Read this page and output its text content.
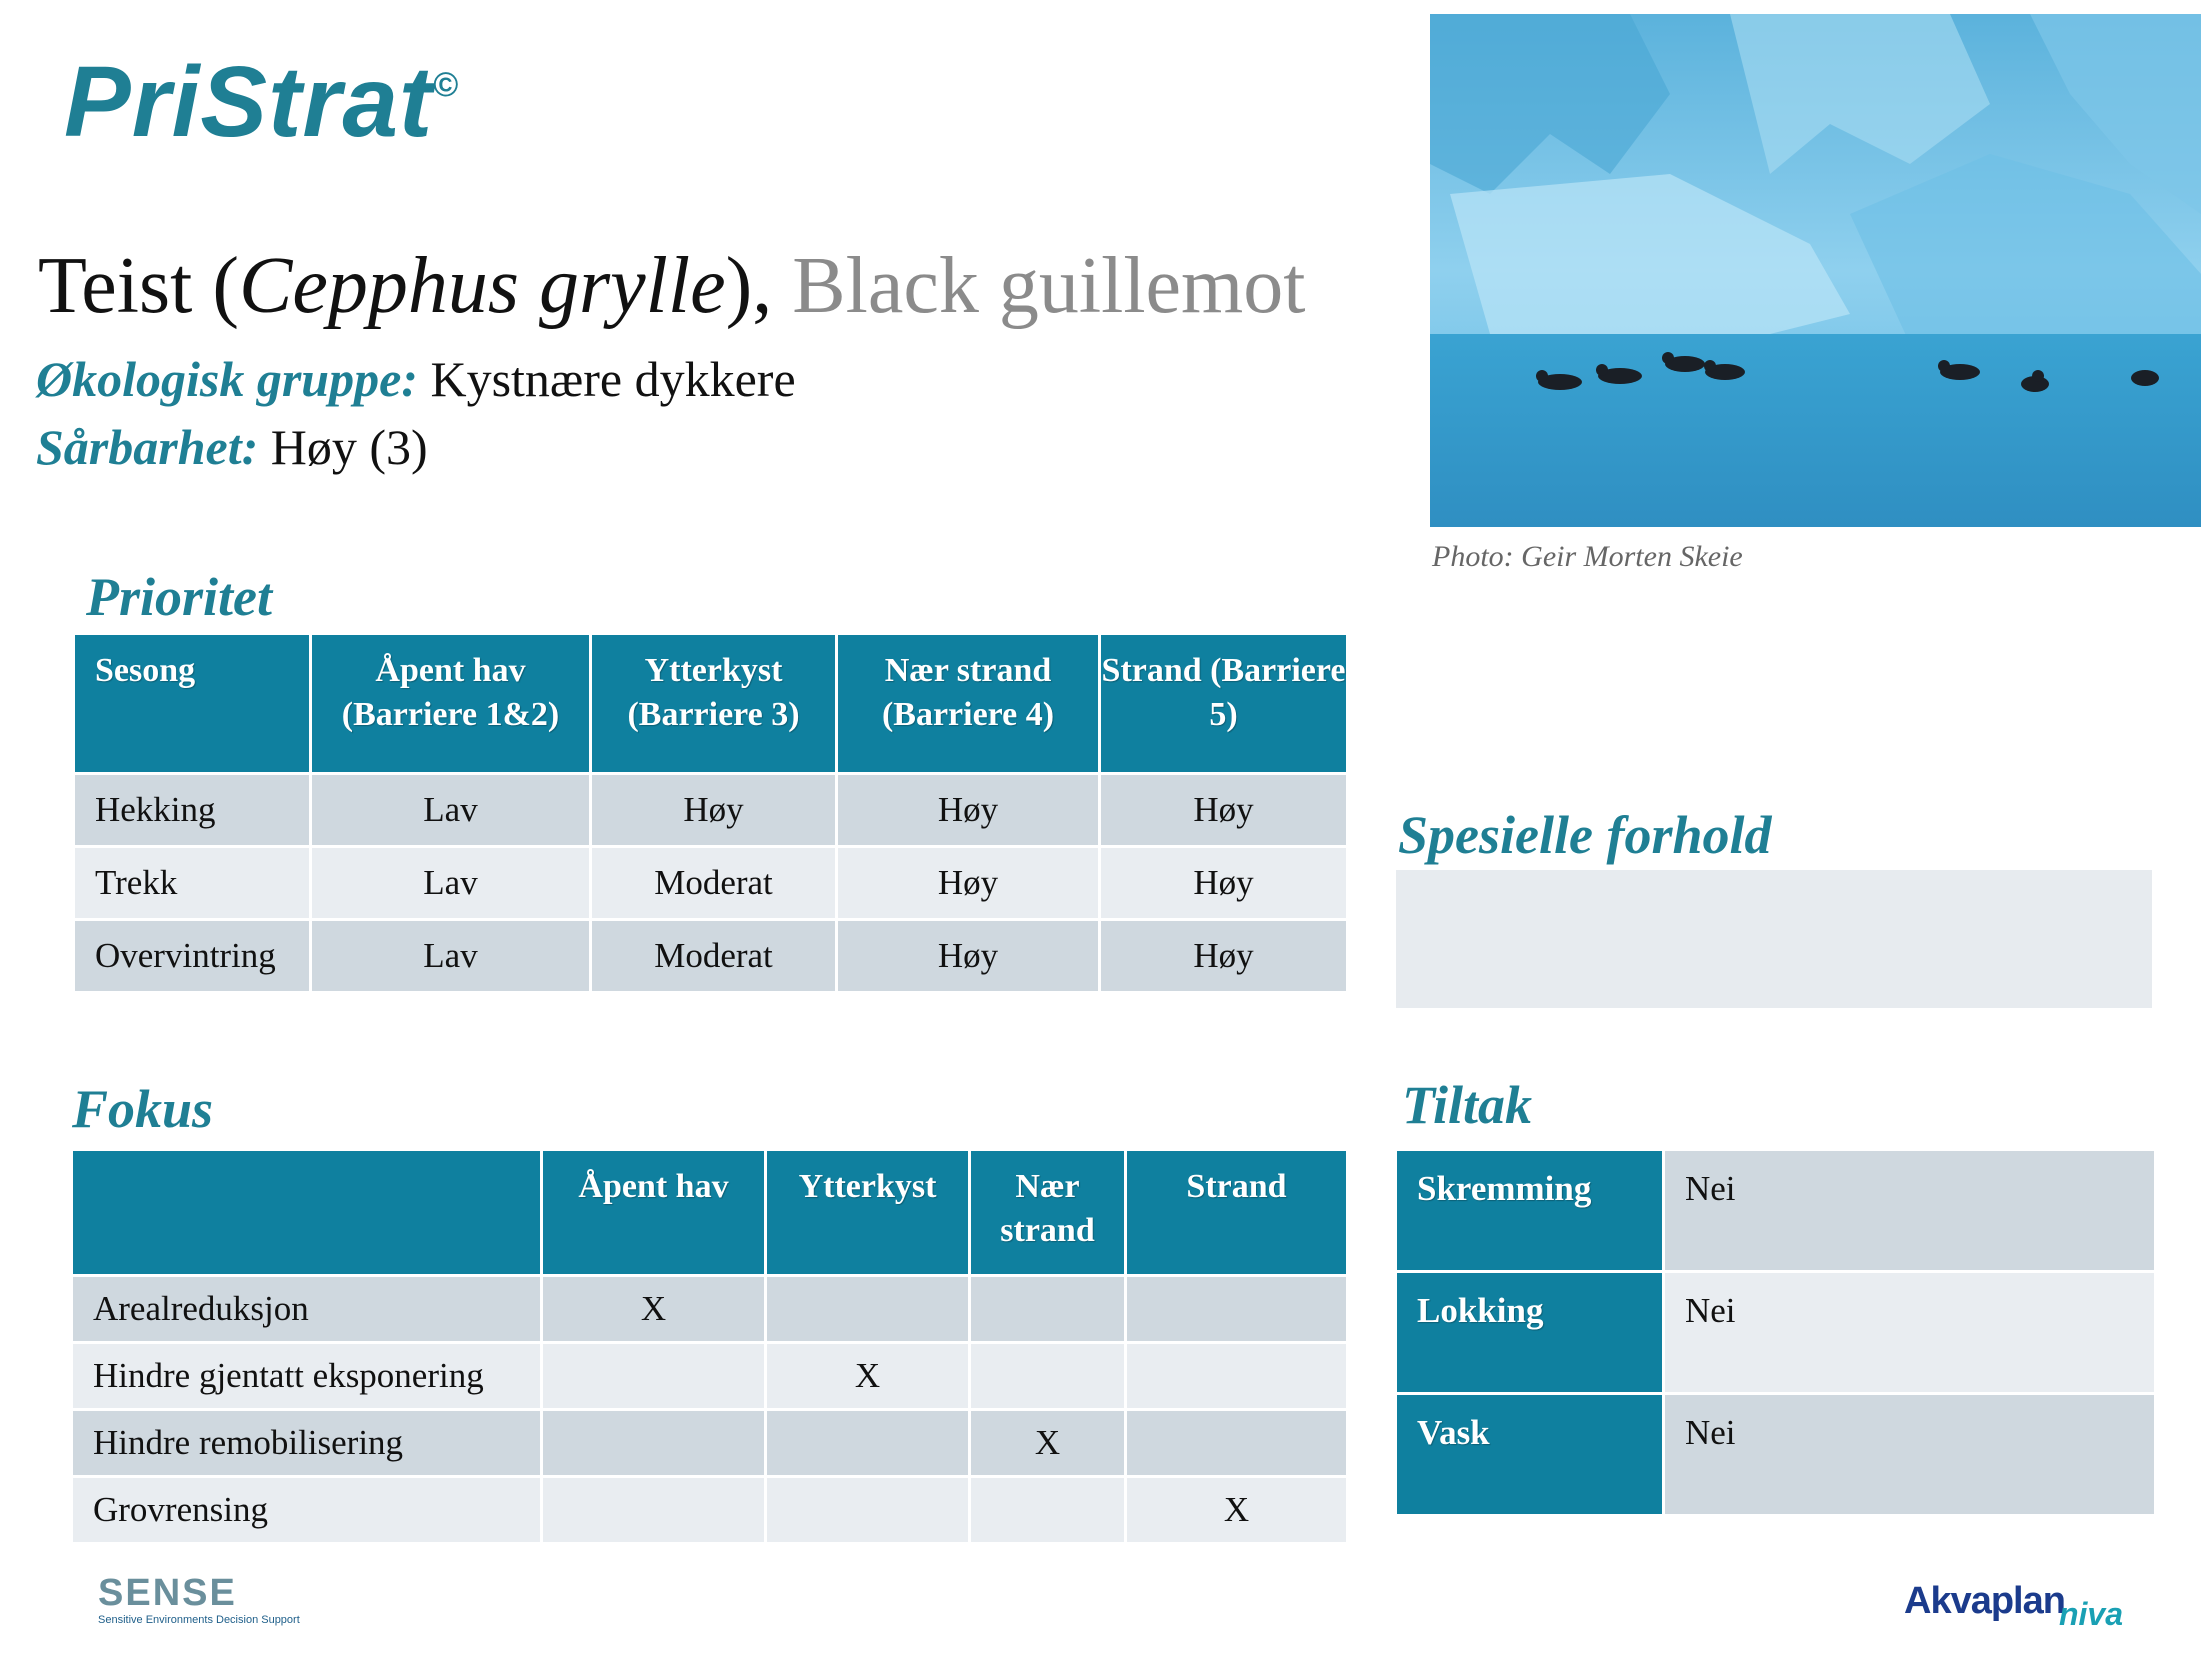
PriStrat©
Teist (Cepphus grylle), Black guillemot
Økologisk gruppe: Kystnære dykkere
Sårbarhet: Høy (3)
Photo: Geir Morten Skeie
Prioritet
Sesong	Åpent hav (Barriere 1&2)	Ytterkyst (Barriere 3)	Nær strand (Barriere 4)	Strand (Barriere 5)
Hekking	Lav	Høy	Høy	Høy
Trekk	Lav	Moderat	Høy	Høy
Overvintring	Lav	Moderat	Høy	Høy
Spesielle forhold
Fokus
	Åpent hav	Ytterkyst	Nær strand	Strand
Arealreduksjon	X			
Hindre gjentatt eksponering		X		
Hindre remobilisering			X	
Grovrensing				X
Tiltak
Skremming	Nei
Lokking	Nei
Vask	Nei
SENSE
Sensitive Environments Decision Support	Akvaplanniva
